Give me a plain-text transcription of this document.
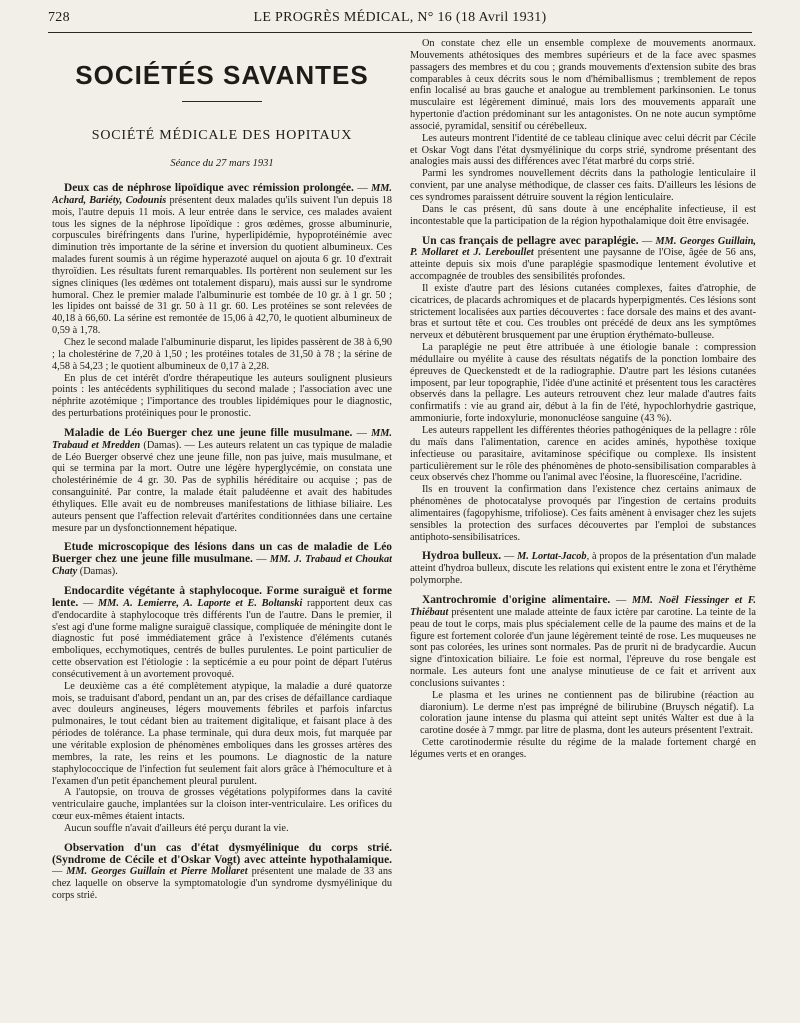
728	LE PROGRÈS MÉDICAL, N° 16 (18 Avril 1931)
SOCIÉTÉS SAVANTES
SOCIÉTÉ MÉDICALE DES HOPITAUX
Séance du 27 mars 1931

Deux cas de néphrose lipoïdique avec rémission prolongée. — MM. Achard, Bariéty, Codounis présentent deux malades qu'ils suivent l'un depuis 18 mois, l'autre depuis 11 mois. A leur entrée dans le service, ces malades avaient tous les signes de la néphrose lipoïdique : gros œdèmes, grosse albuminurie, corpuscules biréfringents dans l'urine, hyperlipidémie, hypoprotéinémie avec diminution très importante de la sérine et inversion du quotient albumineux. Ces malades furent soumis à un régime hyperazoté auquel on ajouta 6 gr. 10 d'extrait thyroïdien. Les résultats furent remarquables. Ils portèrent non seulement sur les signes cliniques (les œdèmes ont totalement disparu), mais aussi sur le syndrome humoral. Chez le premier malade l'albuminurie est tombée de 10 gr. à 1 gr. 50 ; les lipides ont baissé de 31 gr. 50 à 11 gr. 60. Les protéines se sont relevées de 40,18 à 66,60. La sérine est remontée de 15,06 à 42,70, le quotient albumineux de 0,59 à 1,78.

Chez le second malade l'albuminurie disparut, les lipides passèrent de 38 à 6,90 ; la cholestérine de 7,20 à 1,50 ; les protéines totales de 31,50 à 78 ; la sérine de 4,58 à 54,23 ; le quotient albumineux de 0,17 à 2,28.

En plus de cet intérêt d'ordre thérapeutique les auteurs soulignent plusieurs points : les antécédents syphilitiques du second malade ; l'association avec une néphrite azotémique ; l'importance des troubles lipidémiques pour le diagnostic, des perturbations protéiniques pour le pronostic.

Maladie de Léo Buerger chez une jeune fille musulmane. — MM. Trabaud et Mredden (Damas). — Les auteurs relatent un cas typique de maladie de Léo Buerger observé chez une jeune fille, non pas juive, mais musulmane, et qui se termina par la mort. Outre une légère hyperglycémie, on constata une cholestérinémie de 4 gr. 30. Pas de syphilis héréditaire ou acquise ; pas de consanguinité. Par contre, la malade était paludéenne et avait des habitudes éthyliques. Elle avait eu de nombreuses manifestations de lithiase biliaire. Les auteurs pensent que l'affection relevait d'artérites conditionnées dans une certaine mesure par un dysfonctionnement hépatique.

Etude microscopique des lésions dans un cas de maladie de Léo Buerger chez une jeune fille musulmane. — MM. J. Trabaud et Choukat Chaty (Damas).

Endocardite végétante à staphylocoque. Forme suraiguë et forme lente. — MM. A. Lemierre, A. Laporte et E. Boltanski rapportent deux cas d'endocardite à staphylocoque très différents l'un de l'autre. Dans le premier, il s'est agi d'une forme maligne suraiguë classique, compliquée de méningite dont le diagnostic fut posé immédiatement grâce à l'existence d'éléments cutanés emboliques, ecchymotiques, centrés de bulles purulentes. Le point particulier de cette observation est l'étiologie : la septicémie a eu pour point de départ l'utérus consécutivement à un avortement provoqué.

Le deuxième cas a été complètement atypique, la maladie a duré quatorze mois, se traduisant d'abord, pendant un an, par des crises de défaillance cardiaque avec douleurs angineuses, légers mouvements fébriles et parfois infarctus pulmonaires, le tout cédant bien au traitement digitalique, et faisant place à des périodes de tolérance. La phase terminale, qui dura deux mois, fut marquée par une véritable explosion de phénomènes emboliques dans les grosses artères des membres, la rate, les reins et les poumons. Le diagnostic de la nature staphylococcique de l'infection fut seulement fait alors grâce à l'hémoculture et à l'examen d'un petit épanchement pleural purulent.

A l'autopsie, on trouva de grosses végétations polypiformes dans la cavité ventriculaire gauche, implantées sur la cloison inter-ventriculaire. Les orifices du cœur eux-mêmes étaient intacts.

Aucun souffle n'avait d'ailleurs été perçu durant la vie.

Observation d'un cas d'état dysmyélinique du corps strié. (Syndrome de Cécile et d'Oskar Vogt) avec atteinte hypothalamique. — MM. Georges Guillain et Pierre Mollaret présentent une malade de 33 ans chez laquelle on observe la symptomatologie d'un syndrome dysmyélinique du corps strié.

On constate chez elle un ensemble complexe de mouvements anormaux. Mouvements athétosiques des membres supérieurs et de la face avec spasmes passagers des membres et du cou ; grands mouvements d'extension subite des bras comparables à ceux décrits sous le nom d'hémiballismus ; tremblement de repos enfin localisé au bras gauche et analogue au tremblement parkinsonien. Le tonus musculaire est légèrement diminué, mais lors des mouvements apparaît une hypertonie d'action prédominant sur les antagonistes. On ne note aucun symptôme associé, pyramidal, sensitif ou cérébelleux.

Les auteurs montrent l'identité de ce tableau clinique avec celui décrit par Cécile et Oskar Vogt dans l'état dysmyélinique du corps strié, syndrome présentant des analogies mais aussi des différences avec l'état marbré du corps strié.

Parmi les syndromes nouvellement décrits dans la pathologie lenticulaire il convient, par une analyse méthodique, de classer ces faits. D'ailleurs les lésions de ces syndromes paraissent détruire souvent la région lenticulaire.

Dans le cas présent, dû sans doute à une encéphalite infectieuse, il est incontestable que la participation de la région hypothalamique doit être envisagée.

Un cas français de pellagre avec paraplégie. — MM. Georges Guillain, P. Mollaret et J. Lereboullet présentent une paysanne de l'Oise, âgée de 56 ans, atteinte depuis six mois d'une paraplégie spasmodique lentement évolutive et accompagnée de troubles des sensibilités profondes.

Il existe d'autre part des lésions cutanées complexes, faites d'atrophie, de cicatrices, de placards achromiques et de placards hyperpigmentés. Ces lésions sont strictement localisées aux parties découvertes : face dorsale des mains et des avant-bras et surtout tête et cou. Ces troubles ont précédé de deux ans les symptômes nerveux et débutèrent brusquement par une éruption érythémato-bulleuse.

La paraplégie ne peut être attribuée à une étiologie banale : compression médullaire ou myélite à cause des résultats négatifs de la ponction lombaire des épreuves de Queckenstedt et de la radiographie. D'autre part les lésions cutanées imposent, par leur topographie, l'idée d'une actinité et présentent tous les caractères observés dans la pellagre. Les auteurs retrouvent chez leur malade d'autres faits confirmatifs : vie au grand air, début à la fin de l'été, hypochlorhydrie gastrique, ammoniurie, forte indoxylurie, mononucléose sanguine (43 %).

Les auteurs rappellent les différentes théories pathogéniques de la pellagre : rôle du maïs dans l'alimentation, carence en acides aminés, hypothèse toxique infectieuse ou parasitaire, avitaminose spécifique ou complexe. Ils insistent particulièrement sur le rôle des phénomènes de photo-sensibilisation comparables à ceux observés chez l'homme ou l'animal avec l'éosine, la fluorescéine, l'acridine.

Ils en trouvent la confirmation dans l'existence chez certains animaux de phénomènes de photocatalyse provoqués par l'ingestion de certains produits alimentaires (fagopyhisme, trifoliose). Ces faits amènent à envisager chez les sujets sensibles la protection des surfaces découvertes par l'emploi de substances antiphoto-sensibilisatrices.

Hydroa bulleux. — M. Lortat-Jacob, à propos de la présentation d'un malade atteint d'hydroa bulleux, discute les relations qui existent entre le zona et l'érythème polymorphe.

Xantrochromie d'origine alimentaire. — MM. Noël Fiessinger et F. Thiébaut présentent une malade atteinte de faux ictère par carotine. La teinte de la peau de tout le corps, mais plus spécialement celle de la paume des mains et de la figure est fortement colorée d'un jaune légèrement teinté de rose. Les muqueuses ne sont pas colorées, les urines sont normales. Pas de prurit ni de bradycardie. Aucun signe d'intoxication biliaire. Le foie est normal, l'épreuve du rose bengale est normale. Les auteurs font une analyse minutieuse de ce fait et arrivent aux conclusions suivantes :

Le plasma et les urines ne contiennent pas de bilirubine (réaction au diaronium). Le derme n'est pas imprégné de bilirubine (Bruysch négatif). La coloration jaune intense du plasma qui atteint sept unités Walter est due à la carotine dosée à 7 mmgr. par litre de plasma, dont les auteurs présentent l'extrait.

Cette carotinodermie résulte du régime de la malade fortement chargé en légumes verts et en oranges.
